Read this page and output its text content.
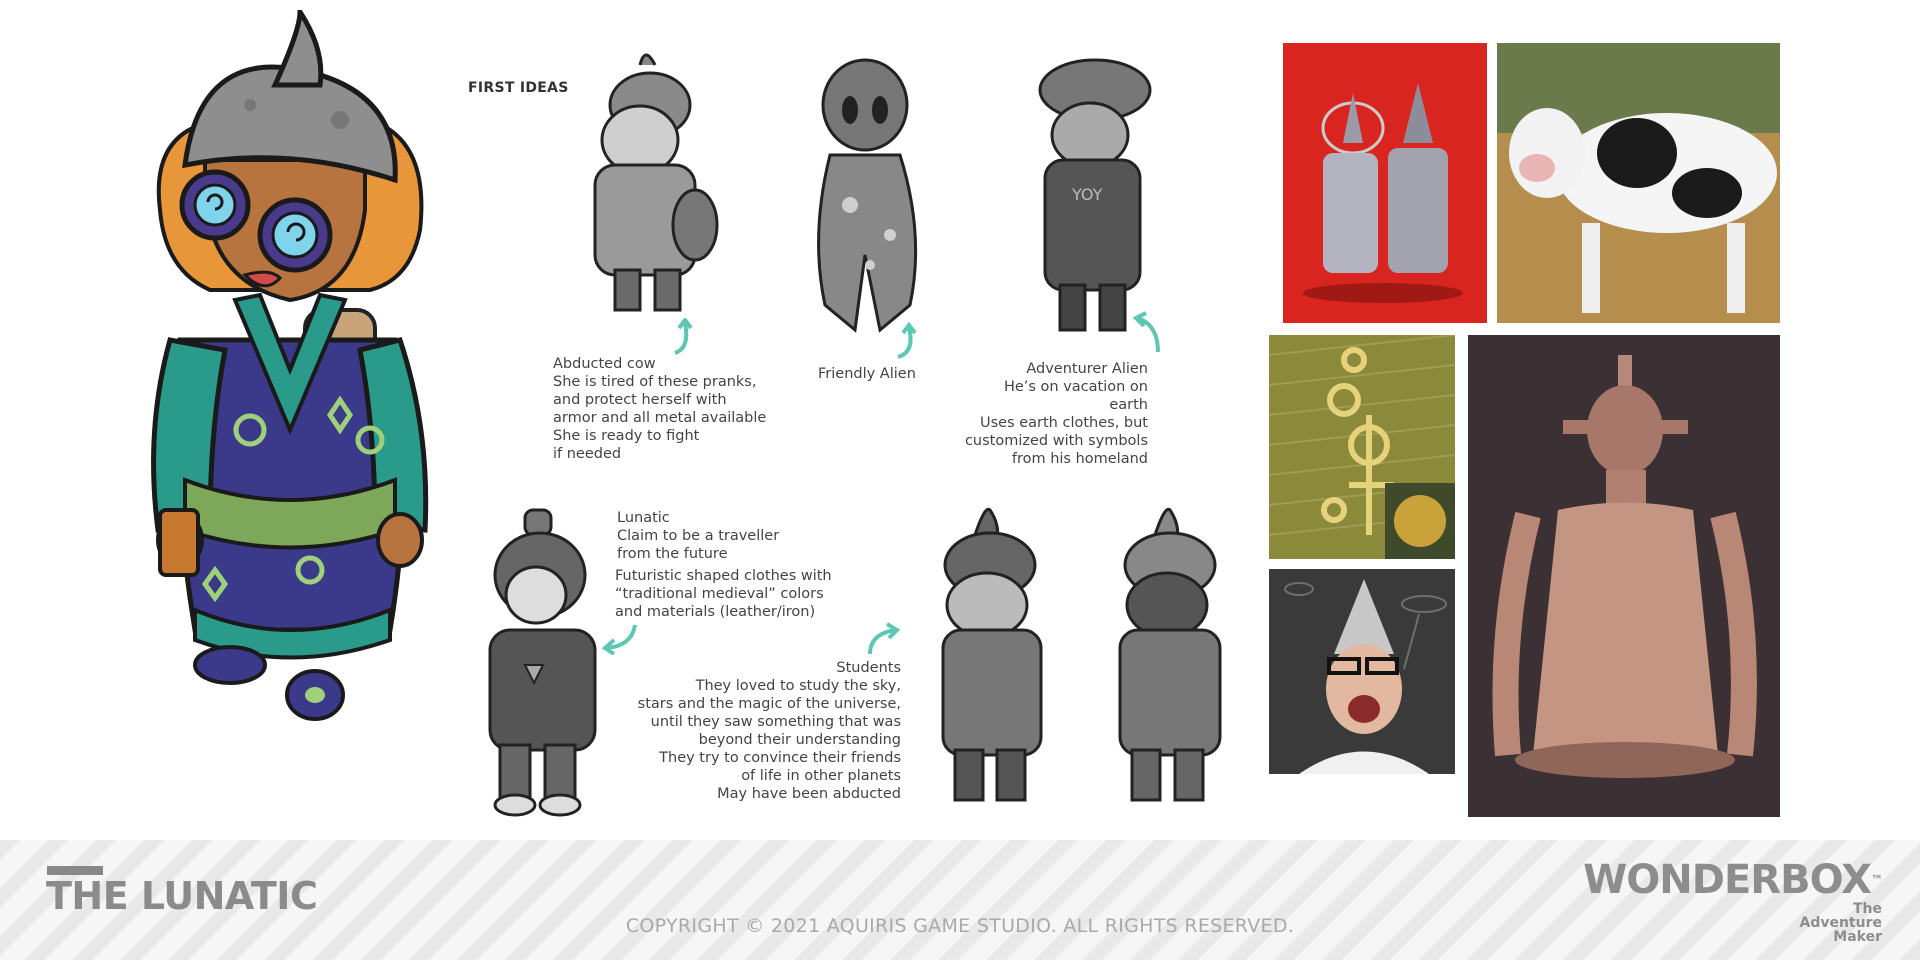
FIRST IDEAS

Abducted cow

She is tired of these pranks,

and protect herself with

armor and all metal available

She is ready to fight

if needed

Friendly Alien

YOY

Adventurer Alien

He’s on vacation on

earth

Uses earth clothes, but

customized with symbols

from his homeland

Lunatic

Claim to be a traveller

from the future

Futuristic shaped clothes with

“traditional medieval” colors

and materials (leather/iron)

Students

They loved to study the sky,

stars and the magic of the universe,

until they saw something that was

beyond their understanding

They try to convince their friends

of life in other planets

May have been abducted

THE LUNATIC
COPYRIGHT © 2021 AQUIRIS GAME STUDIO. ALL RIGHTS RESERVED.
WONDERBOX™
The
Adventure
Maker
